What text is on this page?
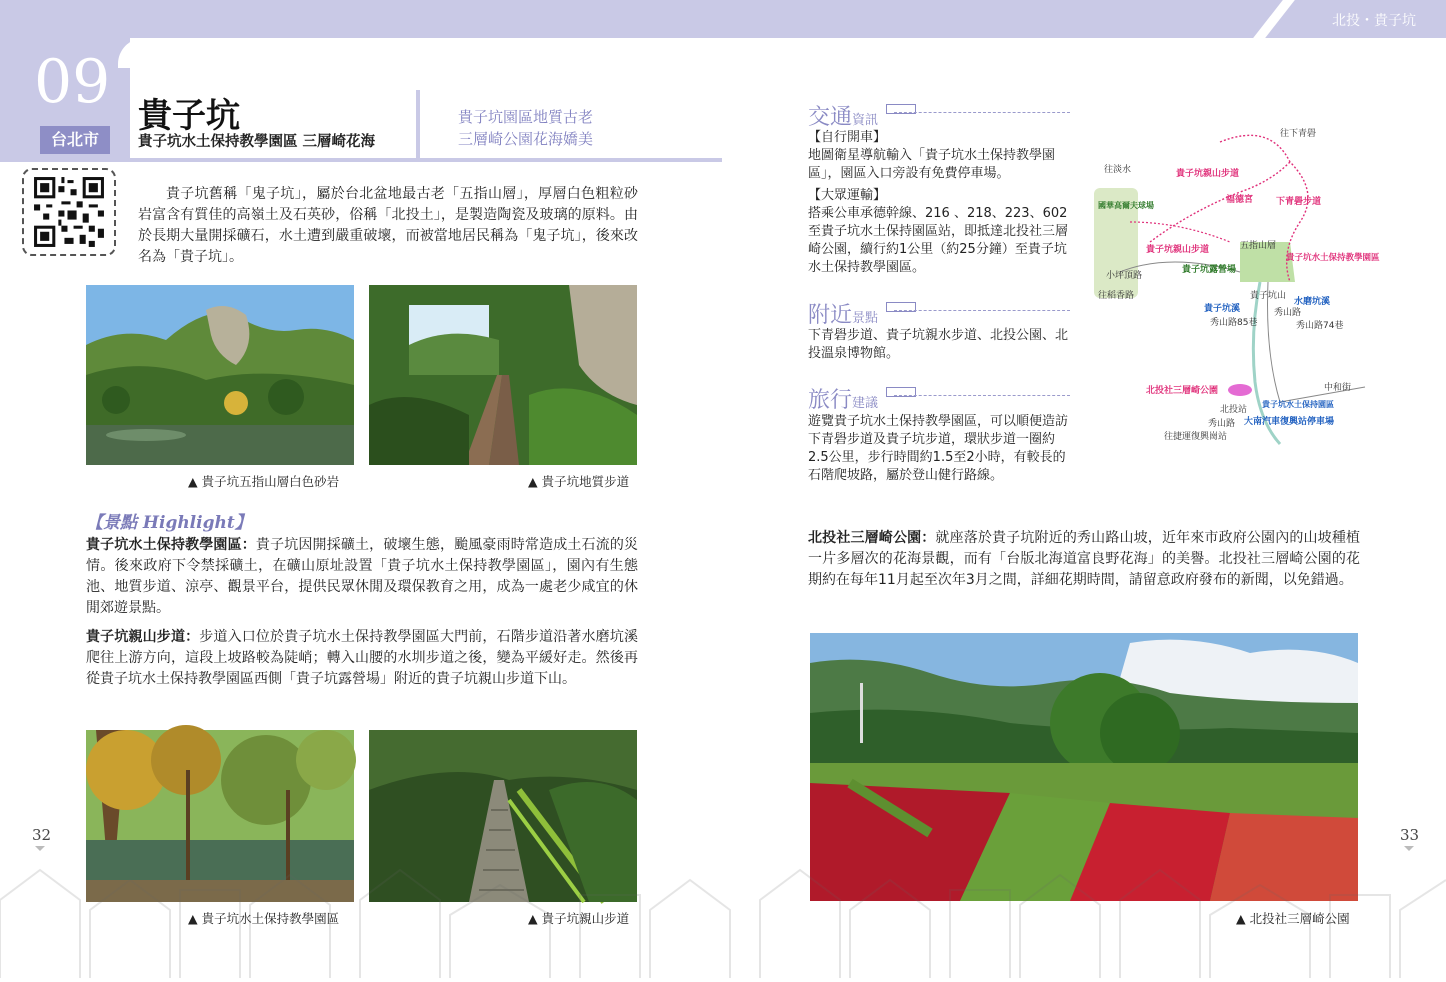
北投・貴子坑
09
台北市
貴子坑
貴子坑水土保持教學園區 三層崎花海
貴子坑園區地質古老
三層崎公園花海嬌美
貴子坑舊稱「鬼子坑」，屬於台北盆地最古老「五指山層」，厚層白色粗粒砂岩富含有質佳的高嶺土及石英砂，俗稱「北投土」，是製造陶瓷及玻璃的原料。由於長期大量開採礦石，水土遭到嚴重破壞，而被當地居民稱為「鬼子坑」，後來改名為「貴子坑」。
▲ 貴子坑五指山層白色砂岩	▲ 貴子坑地質步道
【景點 Highlight】
貴子坑水土保持教學園區：貴子坑因開採礦土，破壞生態，颱風豪雨時常造成土石流的災情。後來政府下令禁採礦土，在礦山原址設置「貴子坑水土保持教學園區」，園內有生態池、地質步道、涼亭、觀景平台，提供民眾休閒及環保教育之用，成為一處老少咸宜的休閒郊遊景點。
貴子坑親山步道：步道入口位於貴子坑水土保持教學園區大門前，石階步道沿著水磨坑溪爬往上游方向，這段上坡路較為陡峭；轉入山腰的水圳步道之後，變為平緩好走。然後再從貴子坑水土保持教學園區西側「貴子坑露營場」附近的貴子坑親山步道下山。
▲ 貴子坑水土保持教學園區	▲ 貴子坑親山步道
32	33
交通資訊
【自行開車】
地圖衛星導航輸入「貴子坑水土保持教學園區」，園區入口旁設有免費停車場。
【大眾運輸】
搭乘公車承德幹線、216 、218、223、602至貴子坑水土保持園區站，即抵達北投社三層崎公園，續行約1公里（約25分鐘）至貴子坑水土保持教學園區。
附近景點
下青礐步道、貴子坑親水步道、北投公園、北投溫泉博物館。
旅行建議
遊覽貴子坑水土保持教學園區，可以順便造訪下青礐步道及貴子坑步道，環狀步道一圈約2.5公里，步行時間約1.5至2小時，有較長的石階爬坡路，屬於登山健行路線。
往下青礐
往淡水
小坪頂路
往稻香路
五指山層
貴子坑山
秀山路85巷
秀山路
秀山路74巷
中和街
北投站
秀山路
往捷運復興崗站
貴子坑親山步道
福德宮	下青礐步道
貴子坑親山步道
貴子坑水土保持教學園區
北投社三層崎公園
水磨坑溪
貴子坑溪
貴子坑水土保持園區
大南汽車復興站停車場
國華高爾夫球場
貴子坑露營場
北投社三層崎公園：就座落於貴子坑附近的秀山路山坡，近年來市政府公園內的山坡種植一片多層次的花海景觀，而有「台版北海道富良野花海」的美譽。北投社三層崎公園的花期約在每年11月起至次年3月之間，詳細花期時間，請留意政府發布的新聞，以免錯過。
▲ 北投社三層崎公園
